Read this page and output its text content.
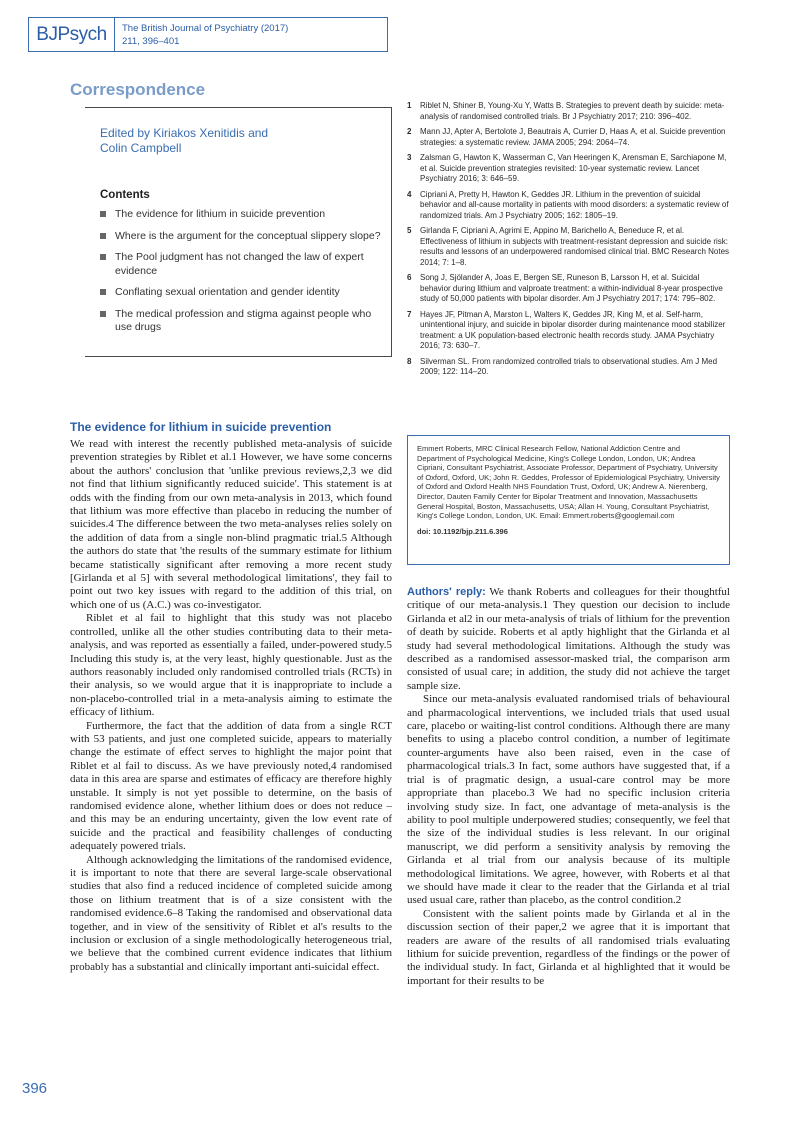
BJPsych	The British Journal of Psychiatry (2017)
211, 396–401
Correspondence
Edited by Kiriakos Xenitidis and
Colin Campbell
Contents
The evidence for lithium in suicide prevention
Where is the argument for the conceptual slippery slope?
The Pool judgment has not changed the law of expert evidence
Conflating sexual orientation and gender identity
The medical profession and stigma against people who use drugs
The evidence for lithium in suicide prevention

We read with interest the recently published meta-analysis of suicide prevention strategies by Riblet et al.1 However, we have some concerns about the authors' conclusion that 'unlike previous reviews,2,3 we did not find that lithium significantly reduced suicide'. This statement is at odds with the finding from our own meta-analysis in 2013, which found that lithium was more effective than placebo in reducing the number of suicides.4 The difference between the two meta-analyses relies solely on the addition of data from a single non-blind pragmatic trial.5 Although the authors do state that 'the results of the summary estimate for lithium became statistically significant after removing a more recent study [Girlanda et al 5] with several methodological limitations', they fail to point out two key issues with regard to the addition of this trial, on which one of us (A.C.) was co-investigator.

Riblet et al fail to highlight that this study was not placebo controlled, unlike all the other studies contributing data to their meta-analysis, and was reported as essentially a failed, under-powered study.5 Including this study is, at the very least, highly questionable. Just as the authors reasonably included only randomised controlled trials (RCTs) in their analysis, so we would argue that it is inappropriate to include a non-placebo-controlled trial in a meta-analysis aiming to estimate the efficacy of lithium.

Furthermore, the fact that the addition of data from a single RCT with 53 patients, and just one completed suicide, appears to materially change the estimate of effect serves to highlight the major point that Riblet et al fail to discuss. As we have previously noted,4 randomised data in this area are sparse and estimates of efficacy are therefore highly unstable. It simply is not yet possible to determine, on the basis of randomised evidence alone, whether lithium does or does not reduce – and this may be an enduring uncertainty, given the low event rate of suicide and the practical and feasibility challenges of conducting adequately powered trials.

Although acknowledging the limitations of the randomised evidence, it is important to note that there are several large-scale observational studies that also find a reduced incidence of completed suicide among those on lithium treatment that is of a size consistent with the randomised evidence.6–8 Taking the randomised and observational data together, and in view of the sensitivity of Riblet et al's results to the inclusion or exclusion of a single methodologically heterogeneous trial, we believe that the combined current evidence indicates that lithium probably has a substantial and clinically important anti-suicidal effect.

1 Riblet N, Shiner B, Young-Xu Y, Watts B. Strategies to prevent death by suicide: meta-analysis of randomised controlled trials. Br J Psychiatry 2017; 210: 396–402.
2 Mann JJ, Apter A, Bertolote J, Beautrais A, Currier D, Haas A, et al. Suicide prevention strategies: a systematic review. JAMA 2005; 294: 2064–74.
3 Zalsman G, Hawton K, Wasserman C, Van Heeringen K, Arensman E, Sarchiapone M, et al. Suicide prevention strategies revisited: 10-year systematic review. Lancet Psychiatry 2016; 3: 646–59.
4 Cipriani A, Pretty H, Hawton K, Geddes JR. Lithium in the prevention of suicidal behavior and all-cause mortality in patients with mood disorders: a systematic review of randomized trials. Am J Psychiatry 2005; 162: 1805–19.
5 Girlanda F, Cipriani A, Agrimi E, Appino M, Barichello A, Beneduce R, et al. Effectiveness of lithium in subjects with treatment-resistant depression and suicide risk: results and lessons of an underpowered randomised clinical trial. BMC Research Notes 2014; 7: 1–8.
6 Song J, Sjölander A, Joas E, Bergen SE, Runeson B, Larsson H, et al. Suicidal behavior during lithium and valproate treatment: a within-individual 8-year prospective study of 50,000 patients with bipolar disorder. Am J Psychiatry 2017; 174: 795–802.
7 Hayes JF, Pitman A, Marston L, Walters K, Geddes JR, King M, et al. Self-harm, unintentional injury, and suicide in bipolar disorder during maintenance mood stabilizer treatment: a UK population-based electronic health records study. JAMA Psychiatry 2016; 73: 630–7.
8 Silverman SL. From randomized controlled trials to observational studies. Am J Med 2009; 122: 114–20.
Emmert Roberts, MRC Clinical Research Fellow, National Addiction Centre and Department of Psychological Medicine, King's College London, London, UK; Andrea Cipriani, Consultant Psychiatrist, Associate Professor, Department of Psychiatry, University of Oxford, Oxford, UK; John R. Geddes, Professor of Epidemiological Psychiatry, University of Oxford and Oxford Health NHS Foundation Trust, Oxford, UK; Andrew A. Nierenberg, Director, Dauten Family Center for Bipolar Treatment and Innovation, Massachusetts General Hospital, Boston, Massachusetts, USA; Allan H. Young, Consultant Psychiatrist, King's College London, London, UK. Email: Emmert.roberts@googlemail.com
doi: 10.1192/bjp.211.6.396

Authors' reply: We thank Roberts and colleagues for their thoughtful critique of our meta-analysis.1 They question our decision to include Girlanda et al2 in our meta-analysis of trials of lithium for the prevention of death by suicide. Roberts et al aptly highlight that the Girlanda et al study had several methodological limitations. Although the study was described as a randomised assessor-masked trial, the comparison arm consisted of usual care; in addition, the study did not achieve the target sample size.

Since our meta-analysis evaluated randomised trials of behavioural and pharmacological interventions, we included trials that used usual care, placebo or waiting-list control conditions. Although there are many benefits to using a placebo control condition, a number of legitimate counter-arguments have also been raised, even in the case of pharmacological trials.3 In fact, some authors have suggested that, if a trial is of pragmatic design, a usual-care control may be more appropriate than placebo.3 We had no specific inclusion criteria involving study size. In fact, one advantage of meta-analysis is the ability to pool multiple underpowered studies; consequently, we feel that the size of the individual studies is less relevant. In our original manuscript, we did perform a sensitivity analysis by removing the Girlanda et al trial from our analysis because of its multiple methodological limitations. We agree, however, with Roberts et al that we should have made it clear to the reader that the Girlanda et al trial used usual care, rather than placebo, as the control condition.2

Consistent with the salient points made by Girlanda et al in the discussion section of their paper,2 we agree that it is important that readers are aware of the results of all randomised trials evaluating lithium for suicide prevention, regardless of the findings or the power of the individual study. In fact, Girlanda et al highlighted that it would be important for their results to be

396
